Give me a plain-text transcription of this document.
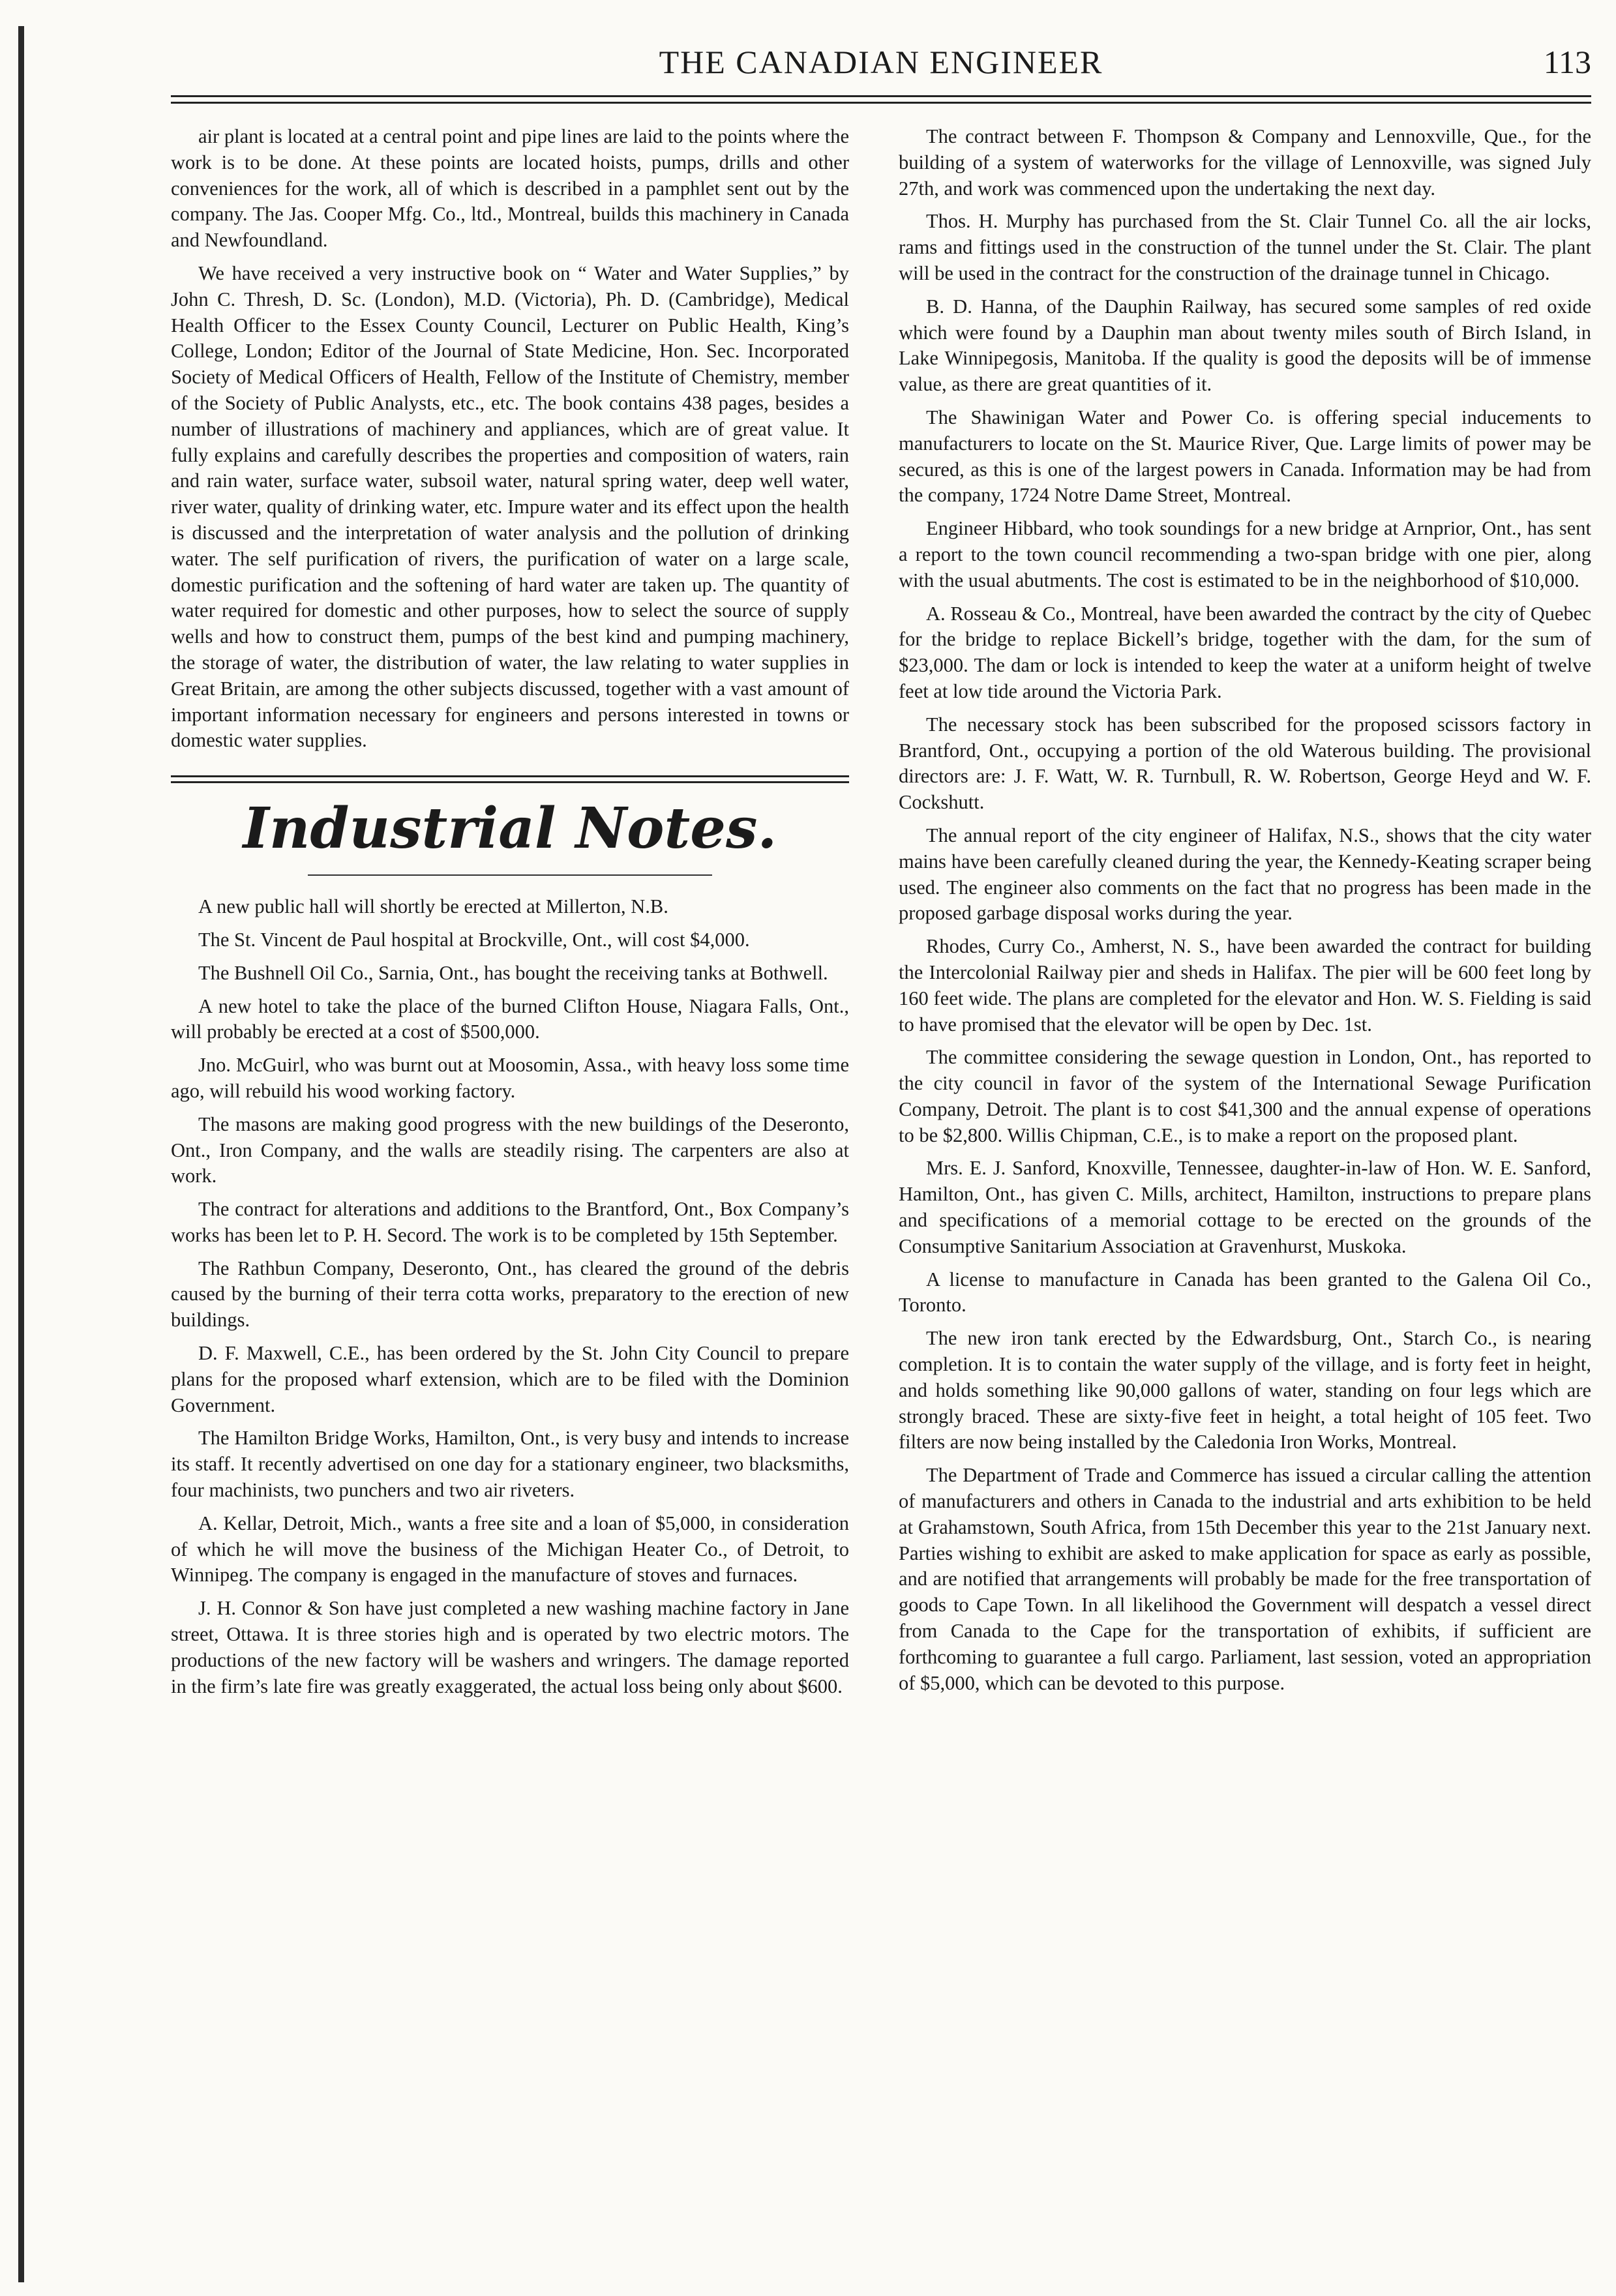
THE CANADIAN ENGINEER	113

air plant is located at a central point and pipe lines are laid to the points where the work is to be done. At these points are located hoists, pumps, drills and other conveniences for the work, all of which is described in a pamphlet sent out by the company. The Jas. Cooper Mfg. Co., ltd., Montreal, builds this machinery in Canada and Newfoundland.

We have received a very instructive book on “ Water and Water Supplies,” by John C. Thresh, D. Sc. (London), M.D. (Victoria), Ph. D. (Cambridge), Medical Health Officer to the Essex County Council, Lecturer on Public Health, King’s College, London; Editor of the Journal of State Medicine, Hon. Sec. Incorporated Society of Medical Officers of Health, Fellow of the Institute of Chemistry, member of the Society of Public Analysts, etc., etc. The book contains 438 pages, besides a number of illustrations of machinery and appliances, which are of great value. It fully explains and carefully describes the properties and composition of waters, rain and rain water, surface water, subsoil water, natural spring water, deep well water, river water, quality of drinking water, etc. Impure water and its effect upon the health is discussed and the interpretation of water analysis and the pollution of drinking water. The self purification of rivers, the purification of water on a large scale, domestic purification and the softening of hard water are taken up. The quantity of water required for domestic and other purposes, how to select the source of supply wells and how to construct them, pumps of the best kind and pumping machinery, the storage of water, the distribution of water, the law relating to water supplies in Great Britain, are among the other subjects discussed, together with a vast amount of important information necessary for engineers and persons interested in towns or domestic water supplies.

Industrial Notes.

A new public hall will shortly be erected at Millerton, N.B.

The St. Vincent de Paul hospital at Brockville, Ont., will cost $4,000.

The Bushnell Oil Co., Sarnia, Ont., has bought the receiving tanks at Bothwell.

A new hotel to take the place of the burned Clifton House, Niagara Falls, Ont., will probably be erected at a cost of $500,000.

Jno. McGuirl, who was burnt out at Moosomin, Assa., with heavy loss some time ago, will rebuild his wood working factory.

The masons are making good progress with the new buildings of the Deseronto, Ont., Iron Company, and the walls are steadily rising. The carpenters are also at work.

The contract for alterations and additions to the Brantford, Ont., Box Company’s works has been let to P. H. Secord. The work is to be completed by 15th September.

The Rathbun Company, Deseronto, Ont., has cleared the ground of the debris caused by the burning of their terra cotta works, preparatory to the erection of new buildings.

D. F. Maxwell, C.E., has been ordered by the St. John City Council to prepare plans for the proposed wharf extension, which are to be filed with the Dominion Government.

The Hamilton Bridge Works, Hamilton, Ont., is very busy and intends to increase its staff. It recently advertised on one day for a stationary engineer, two blacksmiths, four machinists, two punchers and two air riveters.

A. Kellar, Detroit, Mich., wants a free site and a loan of $5,000, in consideration of which he will move the business of the Michigan Heater Co., of Detroit, to Winnipeg. The company is engaged in the manufacture of stoves and furnaces.

J. H. Connor & Son have just completed a new washing machine factory in Jane street, Ottawa. It is three stories high and is operated by two electric motors. The productions of the new factory will be washers and wringers. The damage reported in the firm’s late fire was greatly exaggerated, the actual loss being only about $600.

The contract between F. Thompson & Company and Lennoxville, Que., for the building of a system of waterworks for the village of Lennoxville, was signed July 27th, and work was commenced upon the undertaking the next day.

Thos. H. Murphy has purchased from the St. Clair Tunnel Co. all the air locks, rams and fittings used in the construction of the tunnel under the St. Clair. The plant will be used in the contract for the construction of the drainage tunnel in Chicago.

B. D. Hanna, of the Dauphin Railway, has secured some samples of red oxide which were found by a Dauphin man about twenty miles south of Birch Island, in Lake Winnipegosis, Manitoba. If the quality is good the deposits will be of immense value, as there are great quantities of it.

The Shawinigan Water and Power Co. is offering special inducements to manufacturers to locate on the St. Maurice River, Que. Large limits of power may be secured, as this is one of the largest powers in Canada. Information may be had from the company, 1724 Notre Dame Street, Montreal.

Engineer Hibbard, who took soundings for a new bridge at Arnprior, Ont., has sent a report to the town council recommending a two-span bridge with one pier, along with the usual abutments. The cost is estimated to be in the neighborhood of $10,000.

A. Rosseau & Co., Montreal, have been awarded the contract by the city of Quebec for the bridge to replace Bickell’s bridge, together with the dam, for the sum of $23,000. The dam or lock is intended to keep the water at a uniform height of twelve feet at low tide around the Victoria Park.

The necessary stock has been subscribed for the proposed scissors factory in Brantford, Ont., occupying a portion of the old Waterous building. The provisional directors are: J. F. Watt, W. R. Turnbull, R. W. Robertson, George Heyd and W. F. Cockshutt.

The annual report of the city engineer of Halifax, N.S., shows that the city water mains have been carefully cleaned during the year, the Kennedy-Keating scraper being used. The engineer also comments on the fact that no progress has been made in the proposed garbage disposal works during the year.

Rhodes, Curry Co., Amherst, N. S., have been awarded the contract for building the Intercolonial Railway pier and sheds in Halifax. The pier will be 600 feet long by 160 feet wide. The plans are completed for the elevator and Hon. W. S. Fielding is said to have promised that the elevator will be open by Dec. 1st.

The committee considering the sewage question in London, Ont., has reported to the city council in favor of the system of the International Sewage Purification Company, Detroit. The plant is to cost $41,300 and the annual expense of operations to be $2,800. Willis Chipman, C.E., is to make a report on the proposed plant.

Mrs. E. J. Sanford, Knoxville, Tennessee, daughter-in-law of Hon. W. E. Sanford, Hamilton, Ont., has given C. Mills, architect, Hamilton, instructions to prepare plans and specifications of a memorial cottage to be erected on the grounds of the Consumptive Sanitarium Association at Gravenhurst, Muskoka.

A license to manufacture in Canada has been granted to the Galena Oil Co., Toronto.

The new iron tank erected by the Edwardsburg, Ont., Starch Co., is nearing completion. It is to contain the water supply of the village, and is forty feet in height, and holds something like 90,000 gallons of water, standing on four legs which are strongly braced. These are sixty-five feet in height, a total height of 105 feet. Two filters are now being installed by the Caledonia Iron Works, Montreal.

The Department of Trade and Commerce has issued a circular calling the attention of manufacturers and others in Canada to the industrial and arts exhibition to be held at Grahamstown, South Africa, from 15th December this year to the 21st January next. Parties wishing to exhibit are asked to make application for space as early as possible, and are notified that arrangements will probably be made for the free transportation of goods to Cape Town. In all likelihood the Government will despatch a vessel direct from Canada to the Cape for the transportation of exhibits, if sufficient are forthcoming to guarantee a full cargo. Parliament, last session, voted an appropriation of $5,000, which can be devoted to this purpose.
